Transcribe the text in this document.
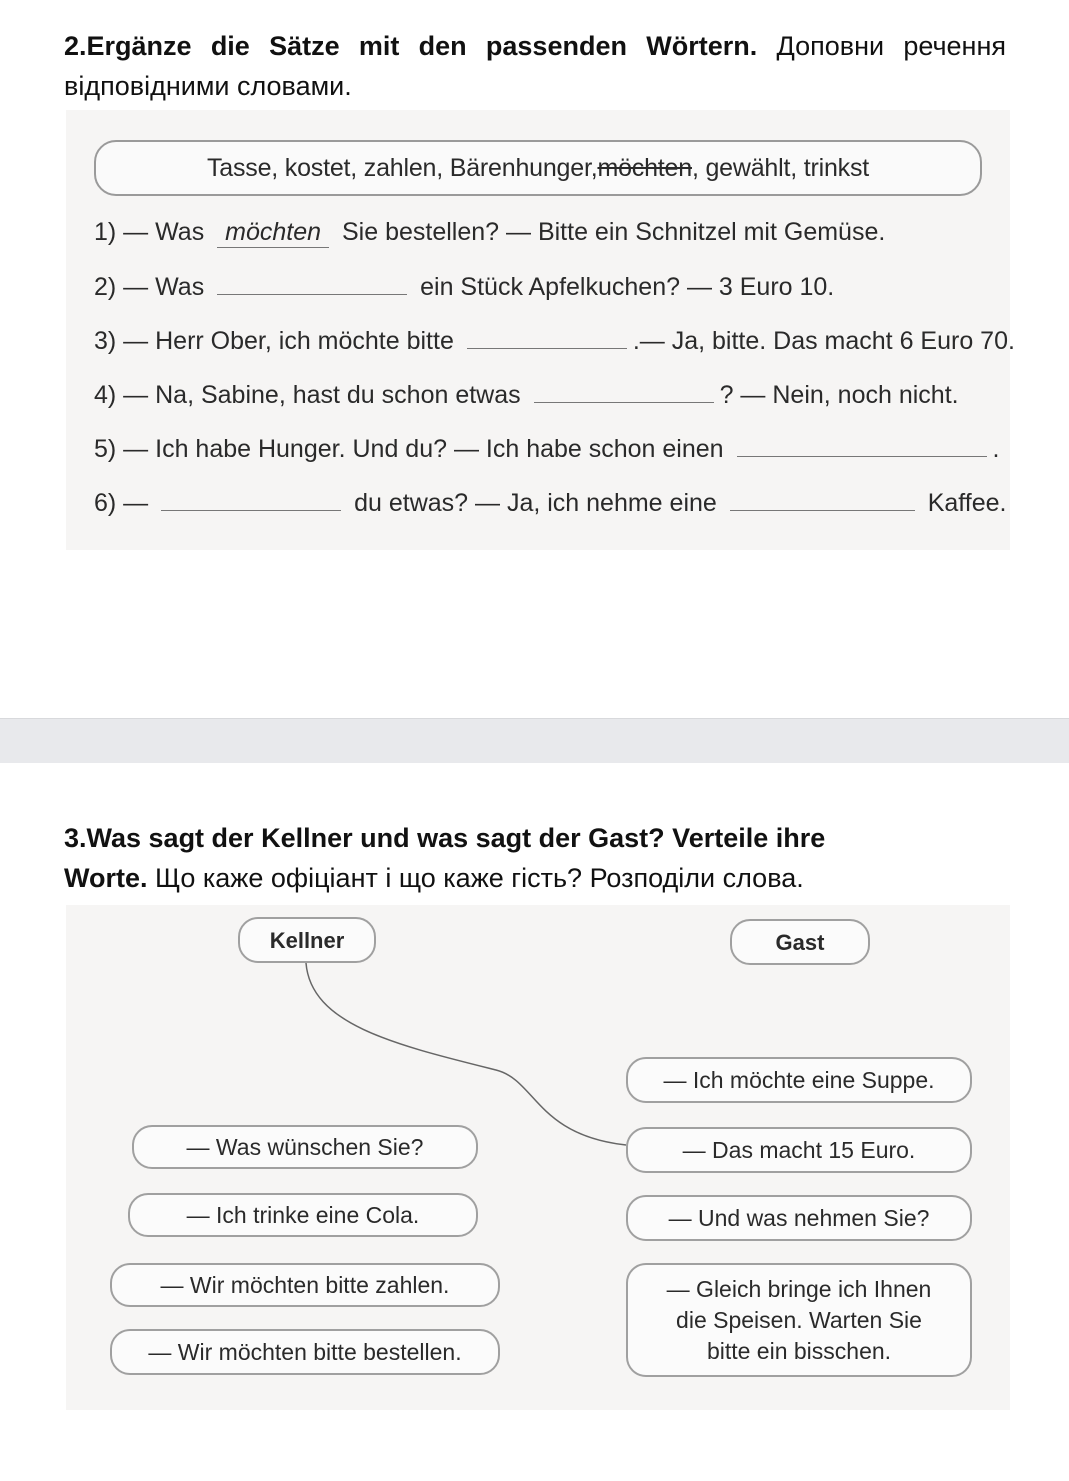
2.Ergänze die Sätze mit den passenden Wörtern. Доповни речення відповідними словами.
Tasse, kostet, zahlen, Bärenhunger, möchten , gewählt, trinkst
1) — Was möchten Sie bestellen? — Bitte ein Schnitzel mit Gemüse.
2) — Was	ein Stück Apfelkuchen? — 3 Euro 10.
3) — Herr Ober, ich möchte bitte	.— Ja, bitte. Das macht 6 Euro 70.
4) — Na, Sabine, hast du schon etwas	? — Nein, noch nicht.
5) — Ich habe Hunger. Und du? — Ich habe schon einen	.
6) —	du etwas? — Ja, ich nehme eine	Kaffee.
3.Was sagt der Kellner und was sagt der Gast? Verteile ihre
Worte. Що каже офіціант і що каже гість? Розподіли слова.
Kellner	Gast
— Was wünschen Sie?
— Ich trinke eine Cola.
— Wir möchten bitte zahlen.
— Wir möchten bitte bestellen.
— Ich möchte eine Suppe.
— Das macht 15 Euro.
— Und was nehmen Sie?
— Gleich bringe ich Ihnen die Speisen. Warten Sie bitte ein bisschen.
